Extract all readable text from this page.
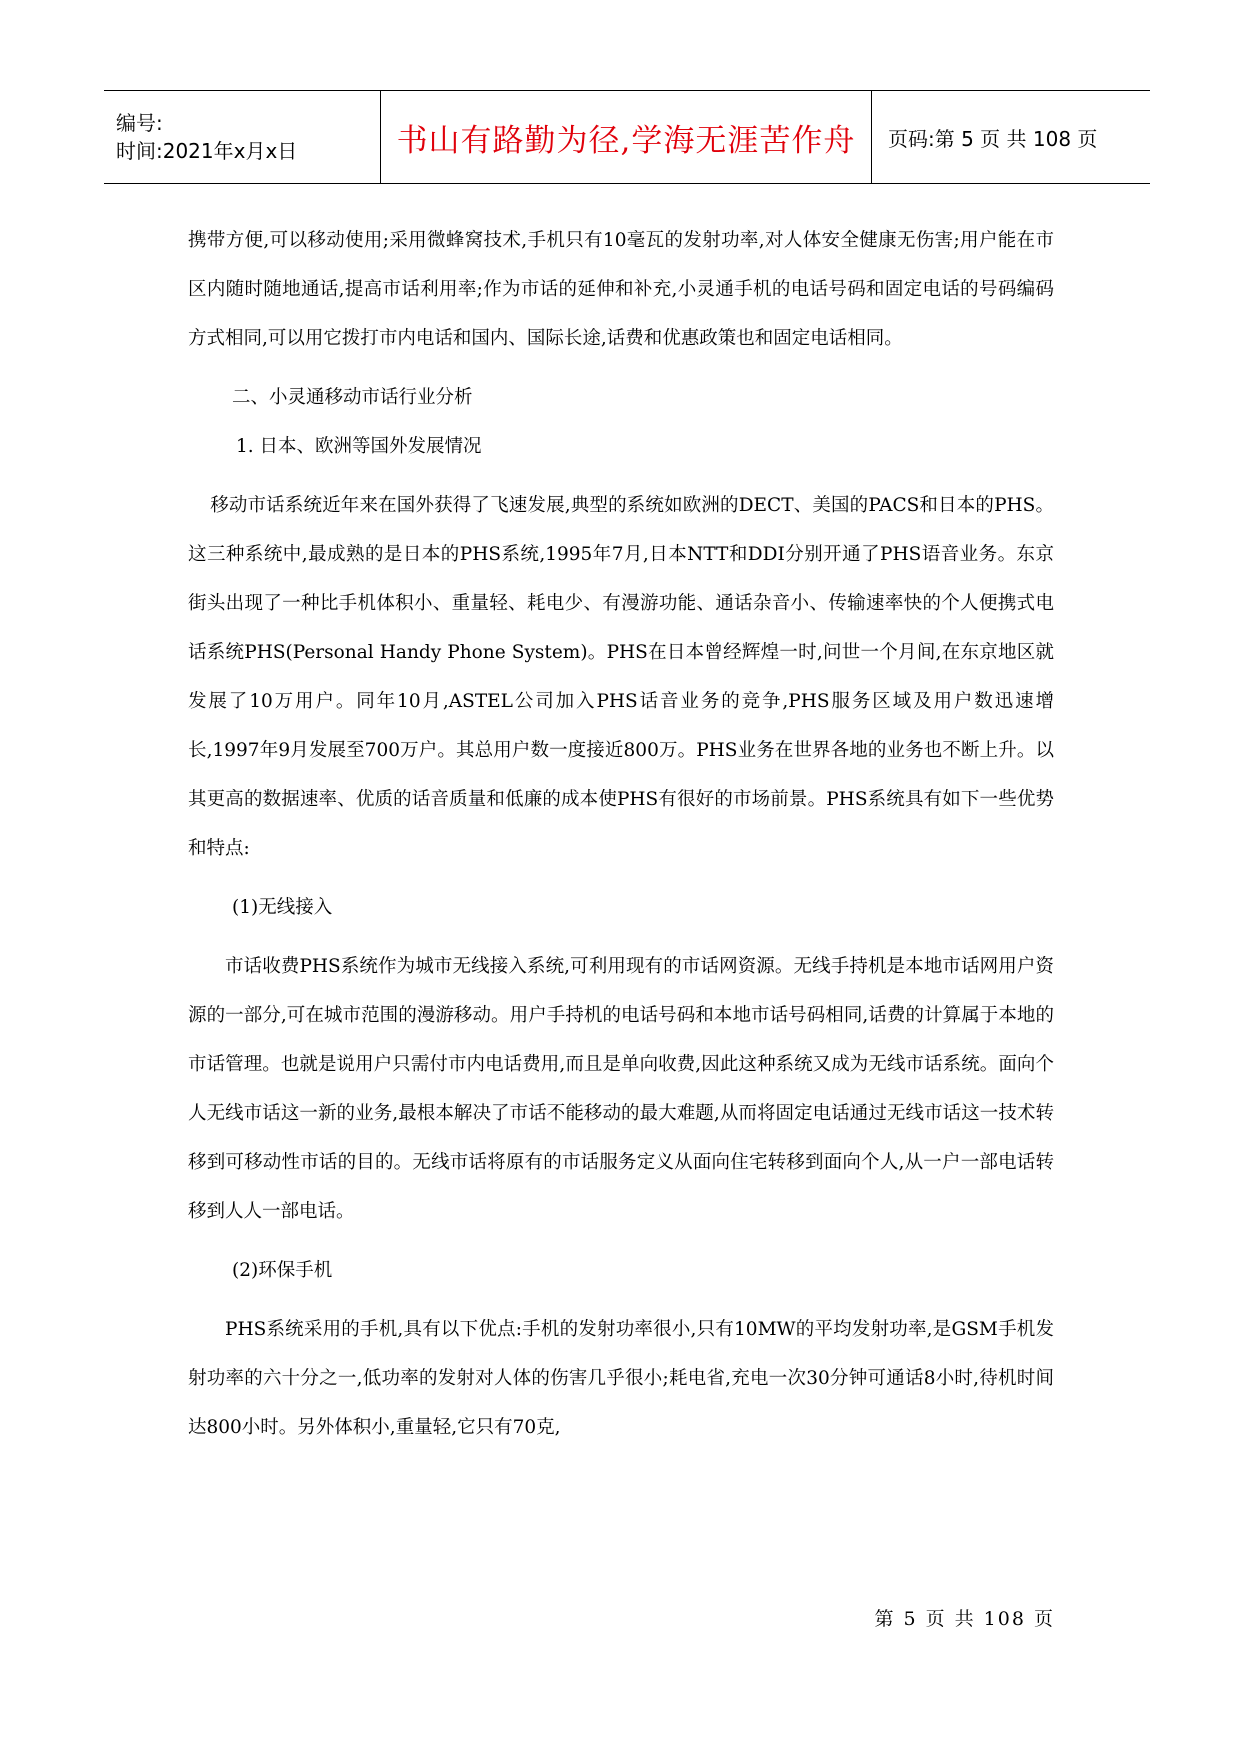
编号:
时间:2021年x月x日	书山有路勤为径,学海无涯苦作舟 页码:第 5 页 共 108 页

携带方便,可以移动使用;采用微蜂窝技术,手机只有10毫瓦的发射功率,对人体安全健康无伤害;用户能在市区内随时随地通话,提高市话利用率;作为市话的延伸和补充,小灵通手机的电话号码和固定电话的号码编码方式相同,可以用它拨打市内电话和国内、国际长途,话费和优惠政策也和固定电话相同。

二、小灵通移动市话行业分析

1. 日本、欧洲等国外发展情况

移动市话系统近年来在国外获得了飞速发展,典型的系统如欧洲的DECT、美国的PACS和日本的PHS。这三种系统中,最成熟的是日本的PHS系统,1995年7月,日本NTT和DDI分别开通了PHS语音业务。东京街头出现了一种比手机体积小、重量轻、耗电少、有漫游功能、通话杂音小、传输速率快的个人便携式电话系统PHS(Personal Handy Phone System)。PHS在日本曾经辉煌一时,问世一个月间,在东京地区就发展了10万用户。同年10月,ASTEL公司加入PHS话音业务的竞争,PHS服务区域及用户数迅速增长,1997年9月发展至700万户。其总用户数一度接近800万。PHS业务在世界各地的业务也不断上升。以其更高的数据速率、优质的话音质量和低廉的成本使PHS有很好的市场前景。PHS系统具有如下一些优势和特点:

(1)无线接入

市话收费PHS系统作为城市无线接入系统,可利用现有的市话网资源。无线手持机是本地市话网用户资源的一部分,可在城市范围的漫游移动。用户手持机的电话号码和本地市话号码相同,话费的计算属于本地的市话管理。也就是说用户只需付市内电话费用,而且是单向收费,因此这种系统又成为无线市话系统。面向个人无线市话这一新的业务,最根本解决了市话不能移动的最大难题,从而将固定电话通过无线市话这一技术转移到可移动性市话的目的。无线市话将原有的市话服务定义从面向住宅转移到面向个人,从一户一部电话转移到人人一部电话。

(2)环保手机

PHS系统采用的手机,具有以下优点:手机的发射功率很小,只有10MW的平均发射功率,是GSM手机发射功率的六十分之一,低功率的发射对人体的伤害几乎很小;耗电省,充电一次30分钟可通话8小时,待机时间达800小时。另外体积小,重量轻,它只有70克,

第 5 页 共 108 页
